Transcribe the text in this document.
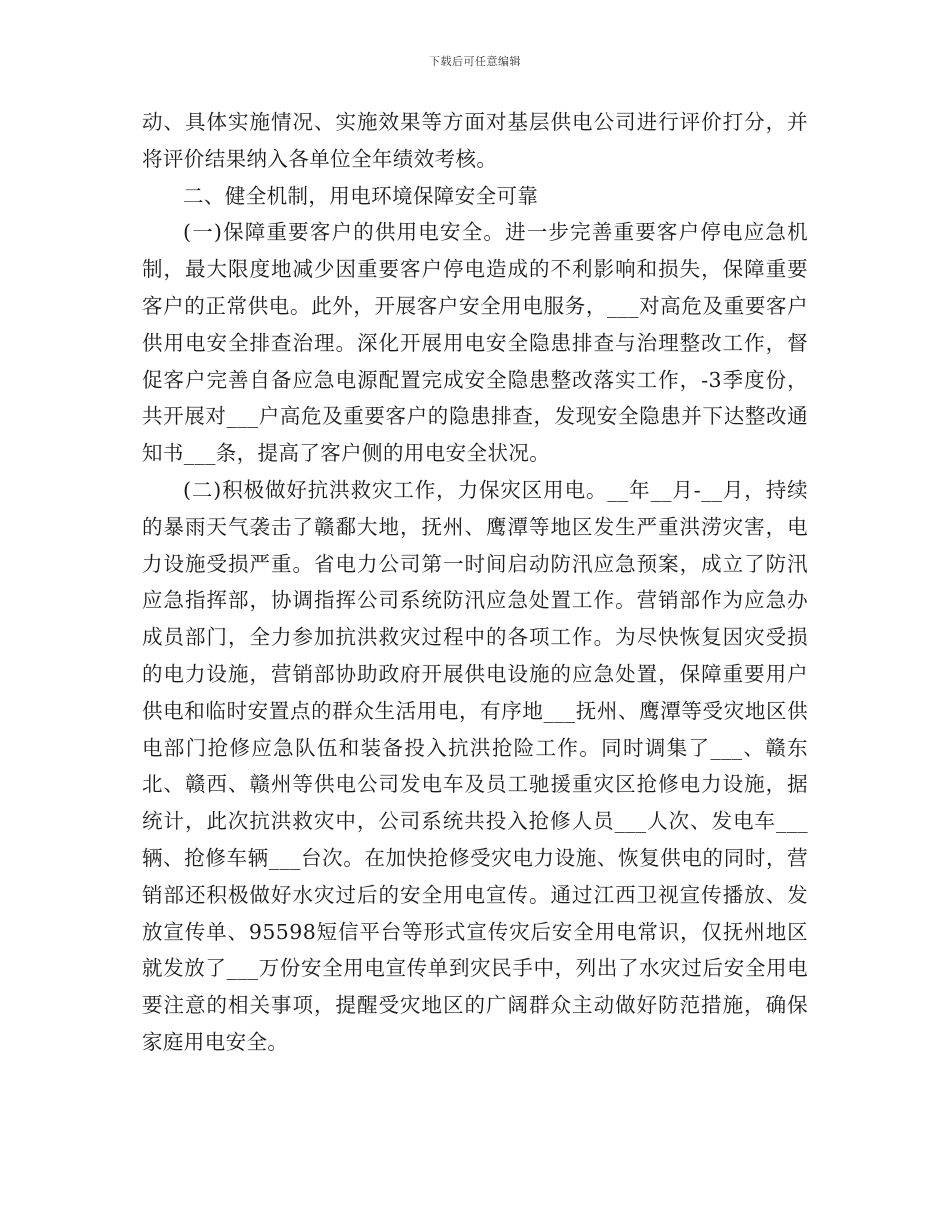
下载后可任意编辑

动、具体实施情况、实施效果等方面对基层供电公司进行评价打分，并将评价结果纳入各单位全年绩效考核。

二、健全机制，用电环境保障安全可靠

(一)保障重要客户的供用电安全。进一步完善重要客户停电应急机制，最大限度地减少因重要客户停电造成的不利影响和损失，保障重要客户的正常供电。此外，开展客户安全用电服务，___对高危及重要客户供用电安全排查治理。深化开展用电安全隐患排查与治理整改工作，督促客户完善自备应急电源配置完成安全隐患整改落实工作，-3季度份，共开展对___户高危及重要客户的隐患排查，发现安全隐患并下达整改通知书___条，提高了客户侧的用电安全状况。

(二)积极做好抗洪救灾工作，力保灾区用电。__年__月-__月，持续的暴雨天气袭击了赣鄱大地，抚州、鹰潭等地区发生严重洪涝灾害，电力设施受损严重。省电力公司第一时间启动防汛应急预案，成立了防汛应急指挥部，协调指挥公司系统防汛应急处置工作。营销部作为应急办成员部门，全力参加抗洪救灾过程中的各项工作。为尽快恢复因灾受损的电力设施，营销部协助政府开展供电设施的应急处置，保障重要用户供电和临时安置点的群众生活用电，有序地___抚州、鹰潭等受灾地区供电部门抢修应急队伍和装备投入抗洪抢险工作。同时调集了___、赣东北、赣西、赣州等供电公司发电车及员工驰援重灾区抢修电力设施，据统计，此次抗洪救灾中，公司系统共投入抢修人员___人次、发电车___辆、抢修车辆___台次。在加快抢修受灾电力设施、恢复供电的同时，营销部还积极做好水灾过后的安全用电宣传。通过江西卫视宣传播放、发放宣传单、95598短信平台等形式宣传灾后安全用电常识，仅抚州地区就发放了___万份安全用电宣传单到灾民手中，列出了水灾过后安全用电要注意的相关事项，提醒受灾地区的广阔群众主动做好防范措施，确保家庭用电安全。
